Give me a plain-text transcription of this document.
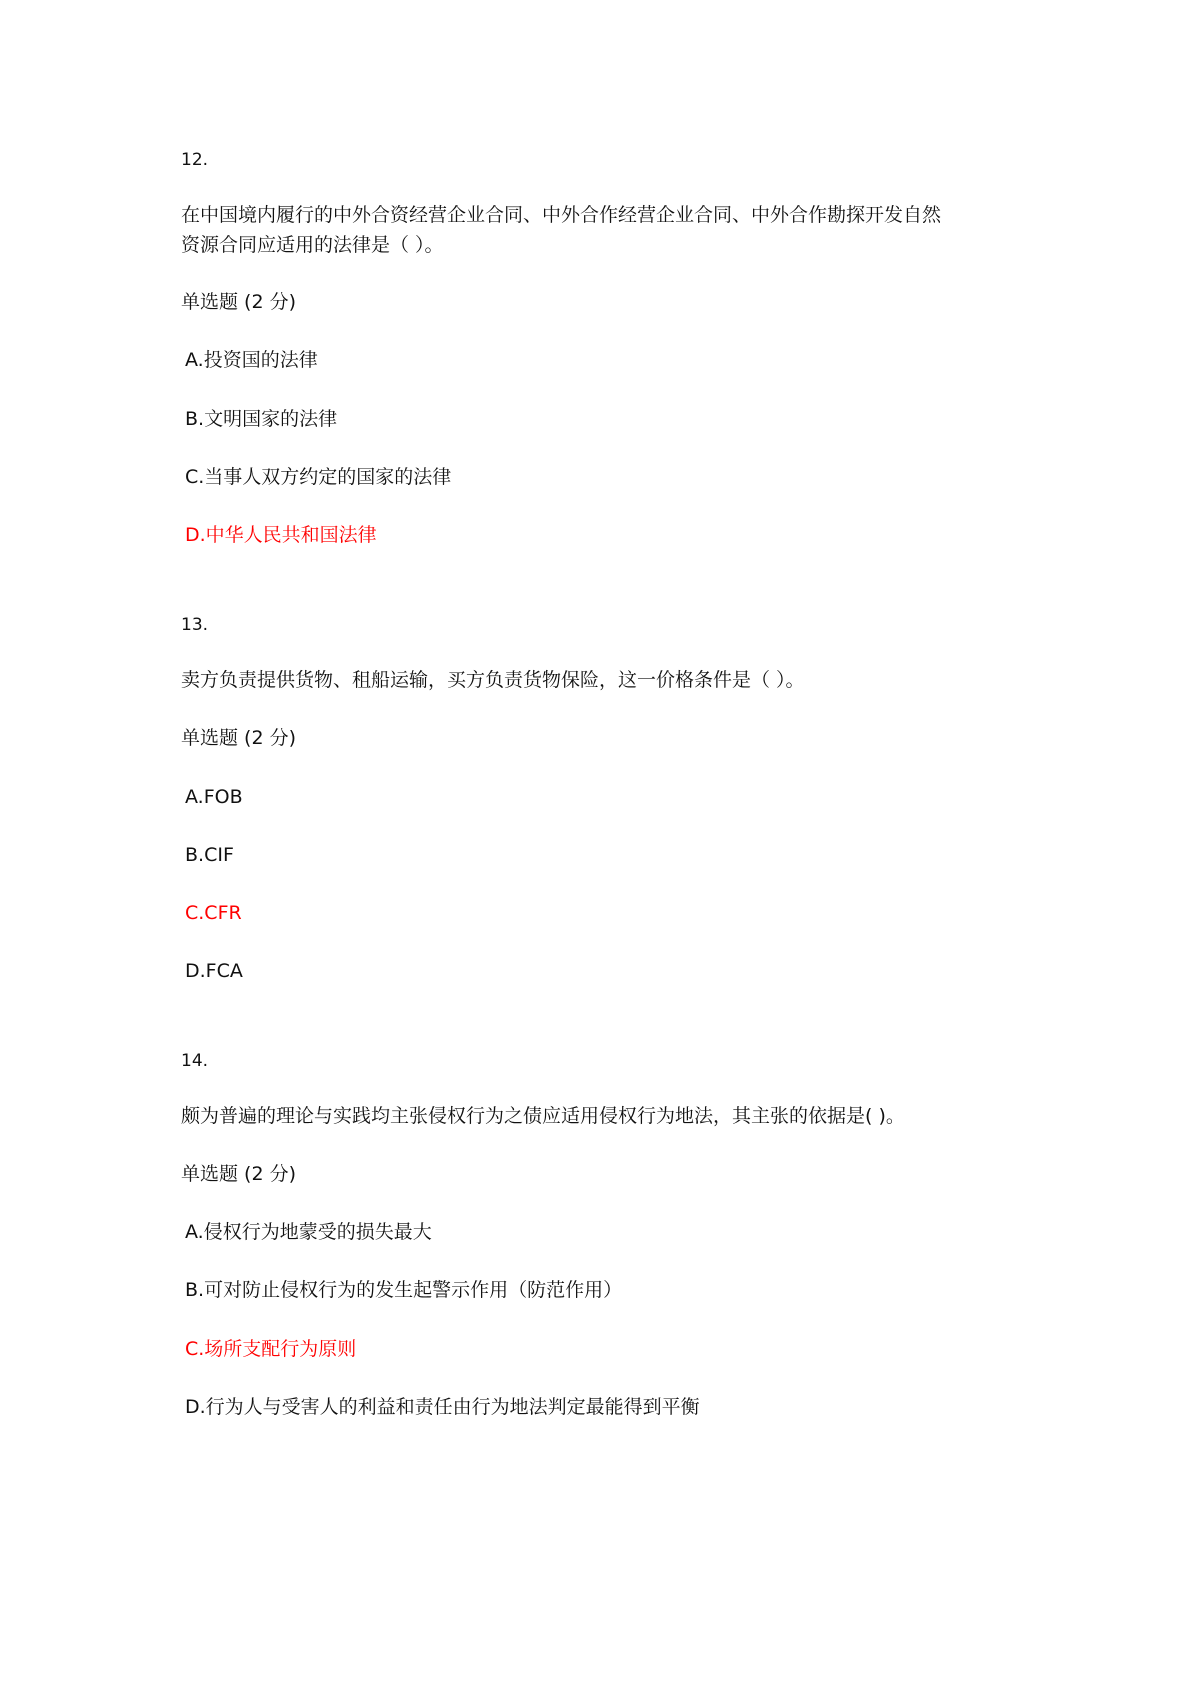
12.

在中国境内履行的中外合资经营企业合同、中外合作经营企业合同、中外合作勘探开发自然

资源合同应适用的法律是（ ）。

单选题 (2 分)

A.投资国的法律

B.文明国家的法律

C.当事人双方约定的国家的法律

D.中华人民共和国法律

13.

卖方负责提供货物、租船运输，买方负责货物保险，这一价格条件是（ ）。

单选题 (2 分)

A.FOB

B.CIF

C.CFR

D.FCA

14.

颇为普遍的理论与实践均主张侵权行为之债应适用侵权行为地法，其主张的依据是( )。

单选题 (2 分)

A.侵权行为地蒙受的损失最大

B.可对防止侵权行为的发生起警示作用（防范作用）

C.场所支配行为原则

D.行为人与受害人的利益和责任由行为地法判定最能得到平衡
